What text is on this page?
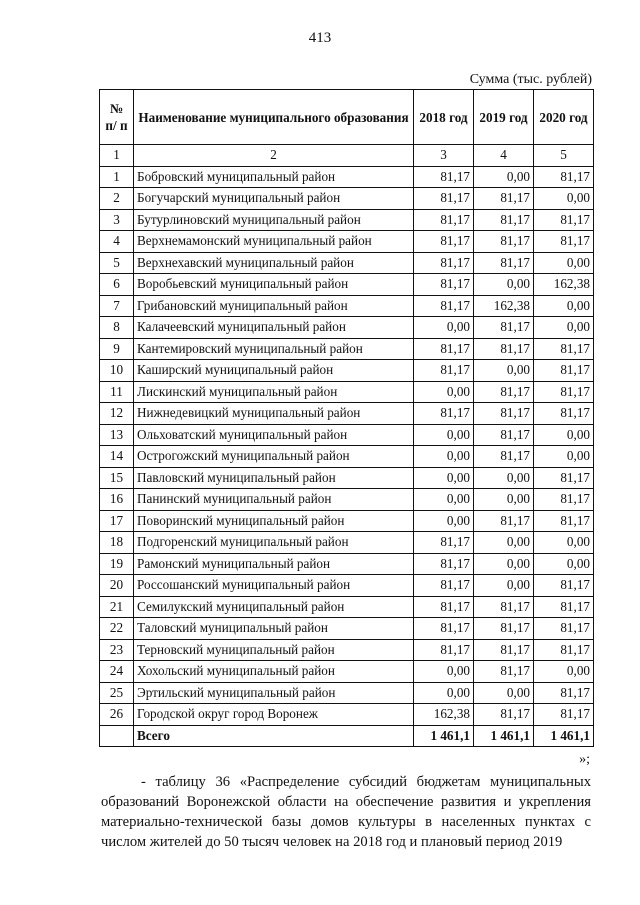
413
Сумма (тыс. рублей)
№ п/ п	Наименование муниципального образования	2018 год	2019 год	2020 год
1	2	3	4	5
1	Бобровский муниципальный район	81,17	0,00	81,17
2	Богучарский муниципальный район	81,17	81,17	0,00
3	Бутурлиновский муниципальный район	81,17	81,17	81,17
4	Верхнемамонский муниципальный район	81,17	81,17	81,17
5	Верхнехавский муниципальный район	81,17	81,17	0,00
6	Воробьевский муниципальный район	81,17	0,00	162,38
7	Грибановский муниципальный район	81,17	162,38	0,00
8	Калачеевский муниципальный район	0,00	81,17	0,00
9	Кантемировский муниципальный район	81,17	81,17	81,17
10	Каширский муниципальный район	81,17	0,00	81,17
11	Лискинский муниципальный район	0,00	81,17	81,17
12	Нижнедевицкий муниципальный район	81,17	81,17	81,17
13	Ольховатский муниципальный район	0,00	81,17	0,00
14	Острогожский муниципальный район	0,00	81,17	0,00
15	Павловский муниципальный район	0,00	0,00	81,17
16	Панинский муниципальный район	0,00	0,00	81,17
17	Поворинский муниципальный район	0,00	81,17	81,17
18	Подгоренский муниципальный район	81,17	0,00	0,00
19	Рамонский муниципальный район	81,17	0,00	0,00
20	Россошанский муниципальный район	81,17	0,00	81,17
21	Семилукский муниципальный район	81,17	81,17	81,17
22	Таловский муниципальный район	81,17	81,17	81,17
23	Терновский муниципальный район	81,17	81,17	81,17
24	Хохольский муниципальный район	0,00	81,17	0,00
25	Эртильский муниципальный район	0,00	0,00	81,17
26	Городской округ город Воронеж	162,38	81,17	81,17
	Всего	1 461,1	1 461,1	1 461,1
»;
- таблицу 36 «Распределение субсидий бюджетам муниципальных образований Воронежской области на обеспечение развития и укрепления материально-технической базы домов культуры в населенных пунктах с числом жителей до 50 тысяч человек на 2018 год и плановый период 2019
